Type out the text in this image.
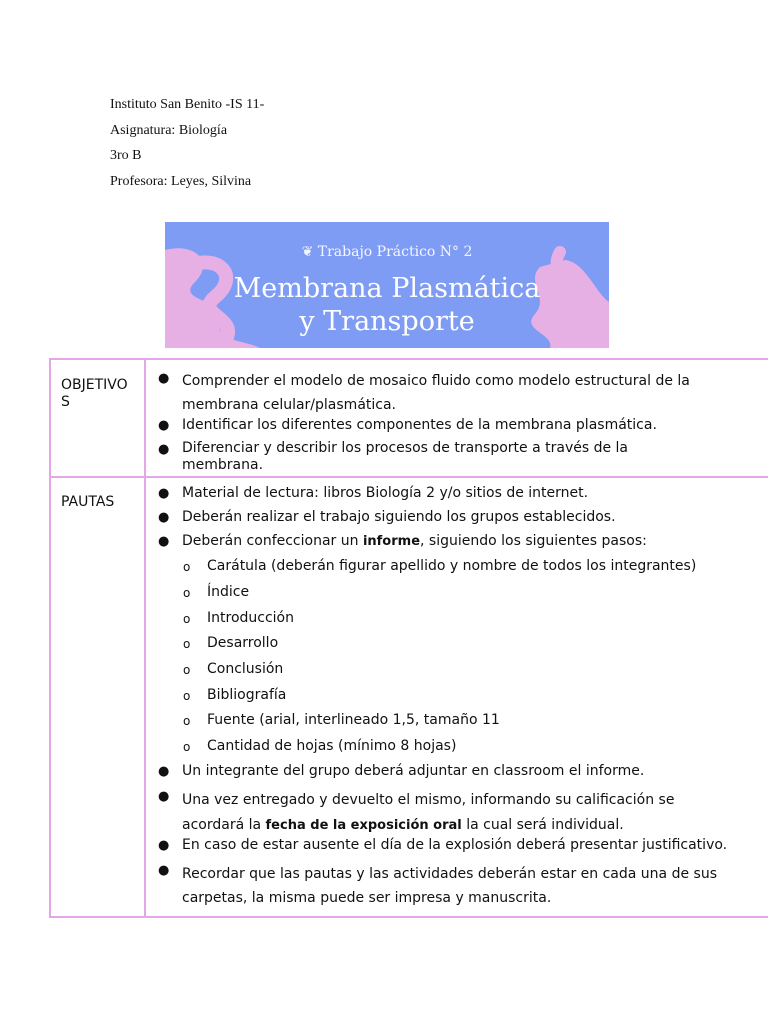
Instituto San Benito -IS 11-
Asignatura: Biología
3ro B
Profesora: Leyes, Silvina
❦ Trabajo Práctico N° 2
Membrana Plasmática
y Transporte
OBJETIVO
S
● Comprender el modelo de mosaico fluido como modelo estructural de la
membrana celular/plasmática.
● Identificar los diferentes componentes de la membrana plasmática.
● Diferenciar y describir los procesos de transporte a través de la
membrana.
PAUTAS
● Material de lectura: libros Biología 2 y/o sitios de internet.
● Deberán realizar el trabajo siguiendo los grupos establecidos.
● Deberán confeccionar un informe, siguiendo los siguientes pasos:
o Carátula (deberán figurar apellido y nombre de todos los integrantes)
o Índice
o Introducción
o Desarrollo
o Conclusión
o Bibliografía
o Fuente (arial, interlineado 1,5, tamaño 11
o Cantidad de hojas (mínimo 8 hojas)
● Un integrante del grupo deberá adjuntar en classroom el informe.
● Una vez entregado y devuelto el mismo, informando su calificación se
acordará la fecha de la exposición oral la cual será individual.
● En caso de estar ausente el día de la explosión deberá presentar justificativo.
● Recordar que las pautas y las actividades deberán estar en cada una de sus
carpetas, la misma puede ser impresa y manuscrita.
